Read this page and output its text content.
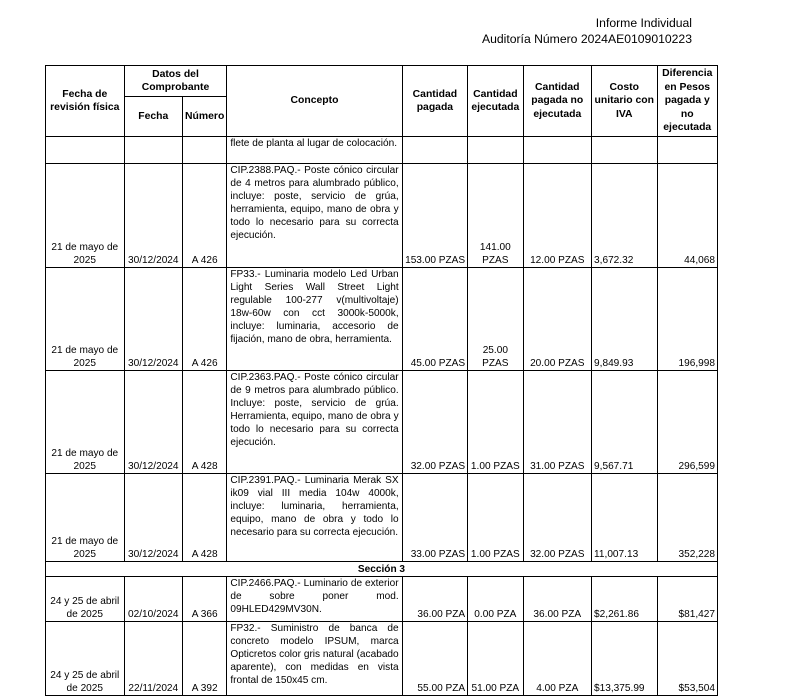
Informe Individual
Auditoría Número 2024AE0109010223
Fecha de revisión física	Datos del Comprobante		Concepto	Cantidad pagada	Cantidad ejecutada	Cantidad pagada no ejecutada	Costo unitario con IVA	Diferencia en Pesos pagada y no ejecutada
	Fecha	Número						
			flete de planta al lugar de colocación.					
21 de mayo de 2025	30/12/2024	A 426	CIP.2388.PAQ.- Poste cónico circular de 4 metros para alumbrado público, incluye: poste, servicio de grúa, herramienta, equipo, mano de obra y todo lo necesario para su correcta ejecución.	153.00 PZAS	141.00 PZAS	12.00 PZAS	3,672.32	44,068
21 de mayo de 2025	30/12/2024	A 426	FP33.- Luminaria modelo Led Urban Light Series Wall Street Light regulable 100-277 v(multivoltaje) 18w-60w con cct 3000k-5000k, incluye: luminaria, accesorio de fijación, mano de obra, herramienta.	45.00 PZAS	25.00 PZAS	20.00 PZAS	9,849.93	196,998
21 de mayo de 2025	30/12/2024	A 428	CIP.2363.PAQ.- Poste cónico circular de 9 metros para alumbrado público. Incluye: poste, servicio de grúa. Herramienta, equipo, mano de obra y todo lo necesario para su correcta ejecución.	32.00 PZAS	1.00 PZAS	31.00 PZAS	9,567.71	296,599
21 de mayo de 2025	30/12/2024	A 428	CIP.2391.PAQ.- Luminaria Merak SX ik09 vial III media 104w 4000k, incluye: luminaria, herramienta, equipo, mano de obra y todo lo necesario para su correcta ejecución.	33.00 PZAS	1.00 PZAS	32.00 PZAS	11,007.13	352,228
Sección 3								
24 y 25 de abril de 2025	02/10/2024	A 366	CIP.2466.PAQ.- Luminario de exterior de sobre poner mod. 09HLED429MV30N.	36.00 PZA	0.00 PZA	36.00 PZA	$2,261.86	$81,427
24 y 25 de abril de 2025	22/11/2024	A 392	FP32.- Suministro de banca de concreto modelo IPSUM, marca Opticretos color gris natural (acabado aparente), con medidas en vista frontal de 150x45 cm.	55.00 PZA	51.00 PZA	4.00 PZA	$13,375.99	$53,504
